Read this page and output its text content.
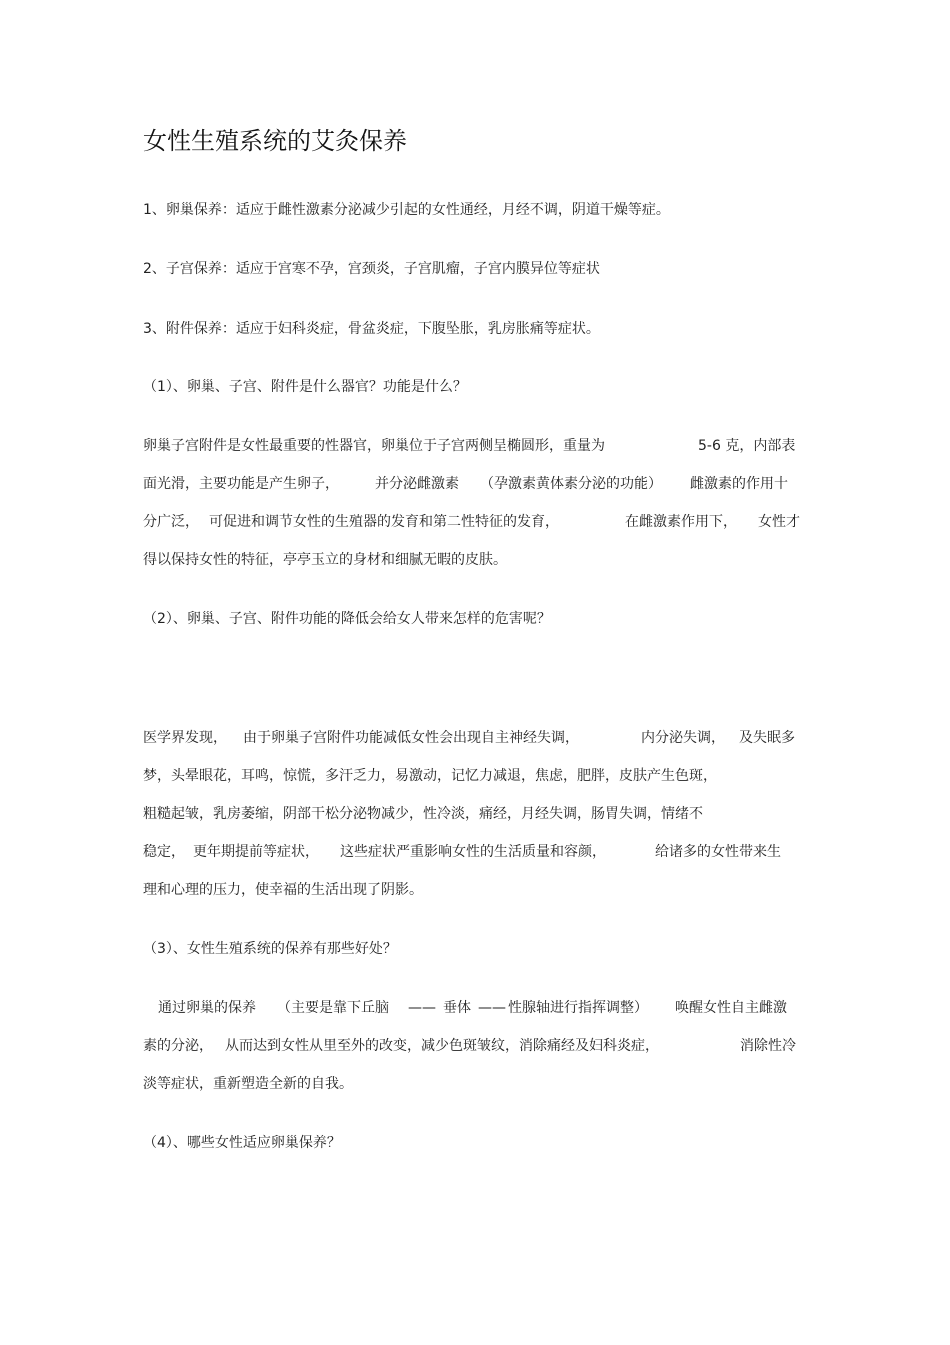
女性生殖系统的艾灸保养
1、卵巢保养：适应于雌性激素分泌减少引起的女性通经，月经不调，阴道干燥等症。
2、子宫保养：适应于宫寒不孕，宫颈炎，子宫肌瘤，子宫内膜异位等症状
3、附件保养：适应于妇科炎症，骨盆炎症，下腹坠胀，乳房胀痛等症状。
（1）、卵巢、子宫、附件是什么器官？功能是什么？
卵巢子宫附件是女性最重要的性器官，卵巢位于子宫两侧呈椭圆形，重量为	5-6 克，内部表
面光滑，主要功能是产生卵子，	并分泌雌激素 （孕激素黄体素分泌的功能） 雌激素的作用十
分广泛， 可促进和调节女性的生殖器的发育和第二性特征的发育，	在雌激素作用下， 女性才
得以保持女性的特征，亭亭玉立的身材和细腻无暇的皮肤。
（2）、卵巢、子宫、附件功能的降低会给女人带来怎样的危害呢？
医学界发现， 由于卵巢子宫附件功能减低女性会出现自主神经失调，	内分泌失调， 及失眠多
梦，头晕眼花，耳鸣，惊慌，多汗乏力，易激动，记忆力减退，焦虑，肥胖，皮肤产生色斑，
粗糙起皱，乳房萎缩，阴部干松分泌物减少，性冷淡，痛经，月经失调，肠胃失调，情绪不
稳定， 更年期提前等症状， 这些症状严重影响女性的生活质量和容颜，	给诸多的女性带来生
理和心理的压力，使幸福的生活出现了阴影。
（3）、女性生殖系统的保养有那些好处？
通过卵巢的保养 （主要是靠下丘脑 —— 垂体 —— 性腺轴进行指挥调整） 唤醒女性自主雌激
素的分泌， 从而达到女性从里至外的改变，减少色斑皱纹，消除痛经及妇科炎症，	消除性冷
淡等症状，重新塑造全新的自我。
（4）、哪些女性适应卵巢保养？
